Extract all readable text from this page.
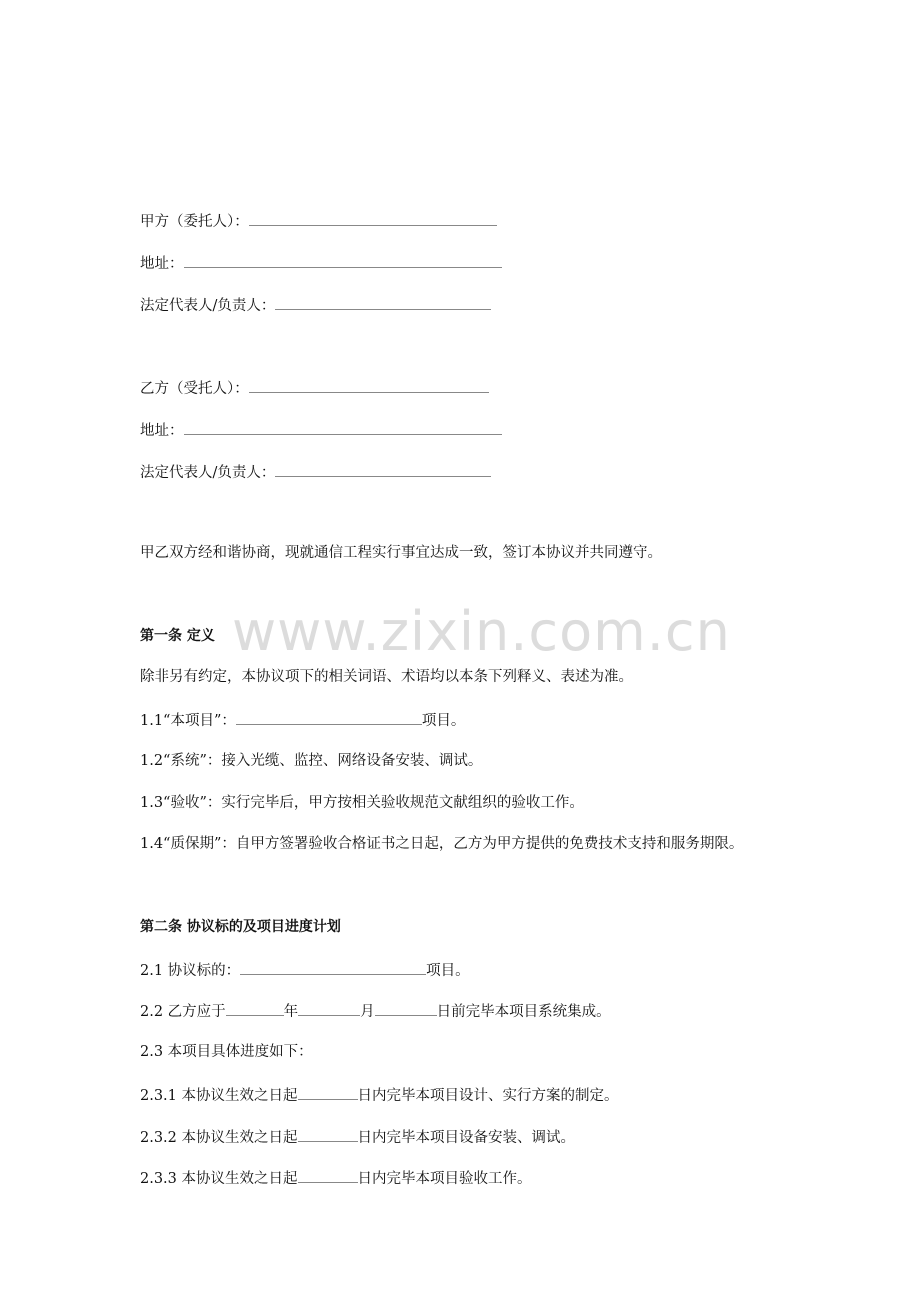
www.zixin.com.cn
甲方（委托人）：
地址：
法定代表人/负责人：
乙方（受托人）：
地址：
法定代表人/负责人：
甲乙双方经和谐协商，现就通信工程实行事宜达成一致，签订本协议并共同遵守。
第一条 定义
除非另有约定，本协议项下的相关词语、术语均以本条下列释义、表述为准。
1.1“本项目”：	项目。
1.2“系统”：接入光缆、监控、网络设备安装、调试。
1.3“验收”：实行完毕后，甲方按相关验收规范文献组织的验收工作。
1.4“质保期”：自甲方签署验收合格证书之日起，乙方为甲方提供的免费技术支持和服务期限。
第二条 协议标的及项目进度计划
2.1 协议标的：	项目。
2.2 乙方应于	年	月	日前完毕本项目系统集成。
2.3 本项目具体进度如下：
2.3.1 本协议生效之日起	日内完毕本项目设计、实行方案的制定。
2.3.2 本协议生效之日起	日内完毕本项目设备安装、调试。
2.3.3 本协议生效之日起	日内完毕本项目验收工作。
